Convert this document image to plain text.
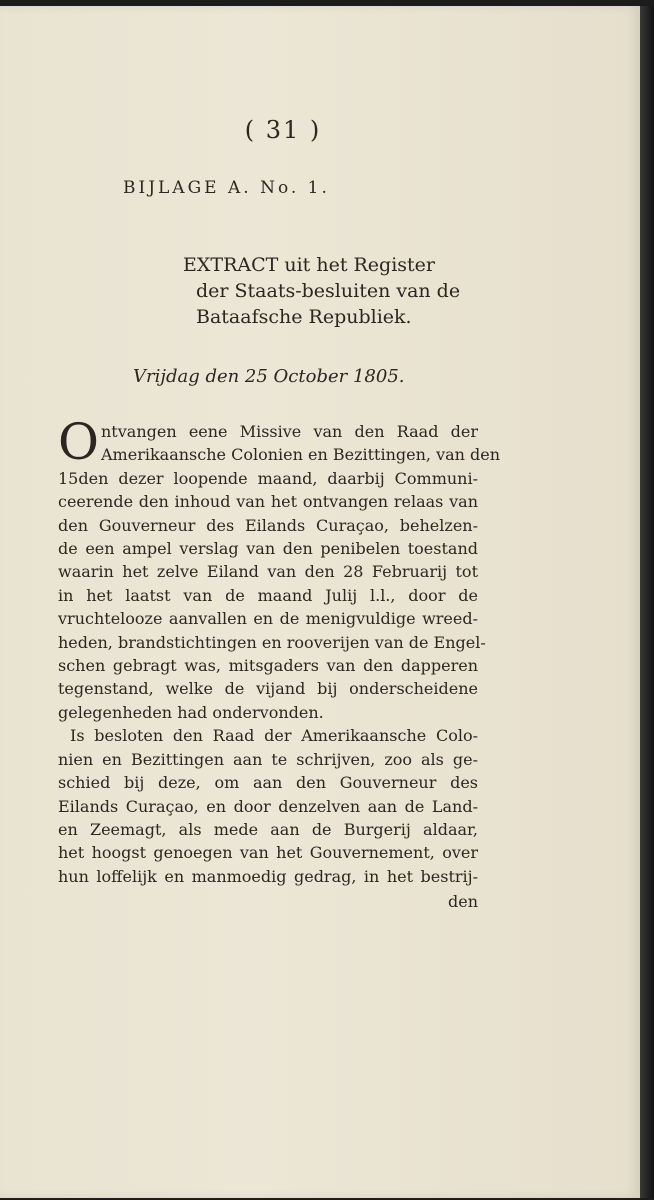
( 31 )
BIJLAGE A. No. 1.
EXTRACT uit het Register
der Staats-besluiten van de
Bataafsche Republiek.
Vrijdag den 25 October 1805.
O ntvangen eene Missive van den Raad der
Amerikaansche Colonien en Bezittingen, van den
15den dezer loopende maand, daarbij Communi-
ceerende den inhoud van het ontvangen relaas van
den Gouverneur des Eilands Curaçao, behelzen-
de een ampel verslag van den penibelen toestand
waarin het zelve Eiland van den 28 Februarij tot
in het laatst van de maand Julij l.l., door de
vruchtelooze aanvallen en de menigvuldige wreed-
heden, brandstichtingen en rooverijen van de Engel-
schen gebragt was, mitsgaders van den dapperen
tegenstand, welke de vijand bij onderscheidene
gelegenheden had ondervonden.
Is besloten den Raad der Amerikaansche Colo-
nien en Bezittingen aan te schrijven, zoo als ge-
schied bij deze, om aan den Gouverneur des
Eilands Curaçao, en door denzelven aan de Land-
en Zeemagt, als mede aan de Burgerij aldaar,
het hoogst genoegen van het Gouvernement, over
hun loffelijk en manmoedig gedrag, in het bestrij-
den
